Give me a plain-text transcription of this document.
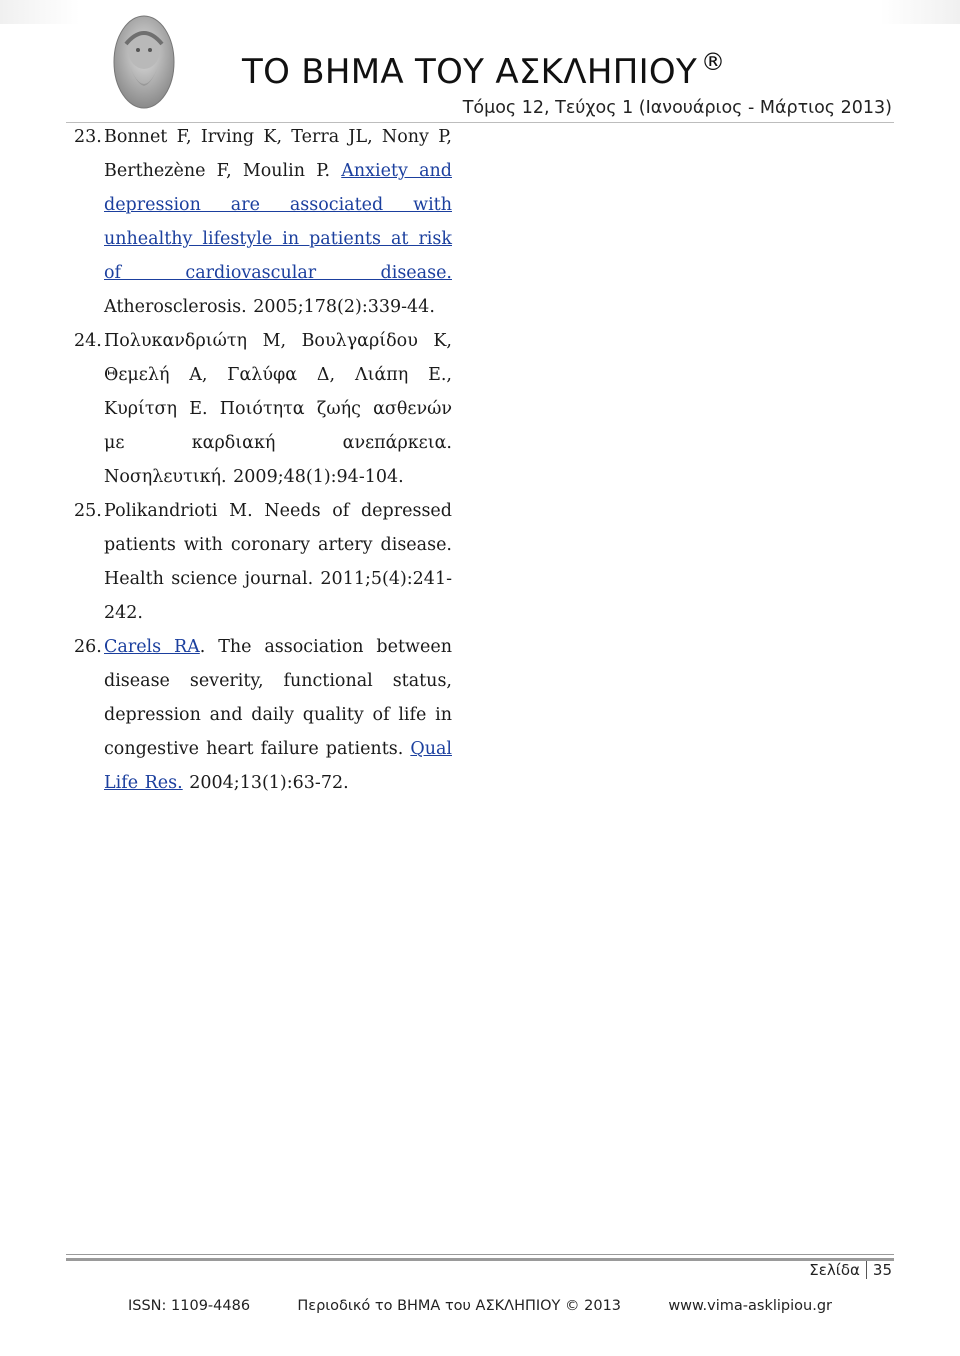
ΤΟ ΒΗΜΑ ΤΟΥ ΑΣΚΛΗΠΙΟΥ ®
Τόμος 12, Τεύχος 1 (Ιανουάριος - Μάρτιος 2013)
23. Bonnet F, Irving K, Terra JL, Nony P, Berthezène F, Moulin P. Anxiety and depression are associated with unhealthy lifestyle in patients at risk of cardiovascular disease. Atherosclerosis. 2005;178(2):339-44.
24. Πολυκανδριώτη Μ, Βουλγαρίδου Κ, Θεμελή Α, Γαλύφα Δ, Λιάπη Ε., Κυρίτση Ε. Ποιότητα ζωής ασθενών με καρδιακή ανεπάρκεια. Νοσηλευτική. 2009;48(1):94-104.
25. Polikandrioti M. Needs of depressed patients with coronary artery disease. Health science journal. 2011;5(4):241-242.
26. Carels RA. The association between disease severity, functional status, depression and daily quality of life in congestive heart failure patients. Qual Life Res. 2004;13(1):63-72.
Σελίδα 35
ISSN: 1109-4486	Περιοδικό το ΒΗΜΑ του ΑΣΚΛΗΠΙΟΥ © 2013	www.vima-asklipiou.gr
